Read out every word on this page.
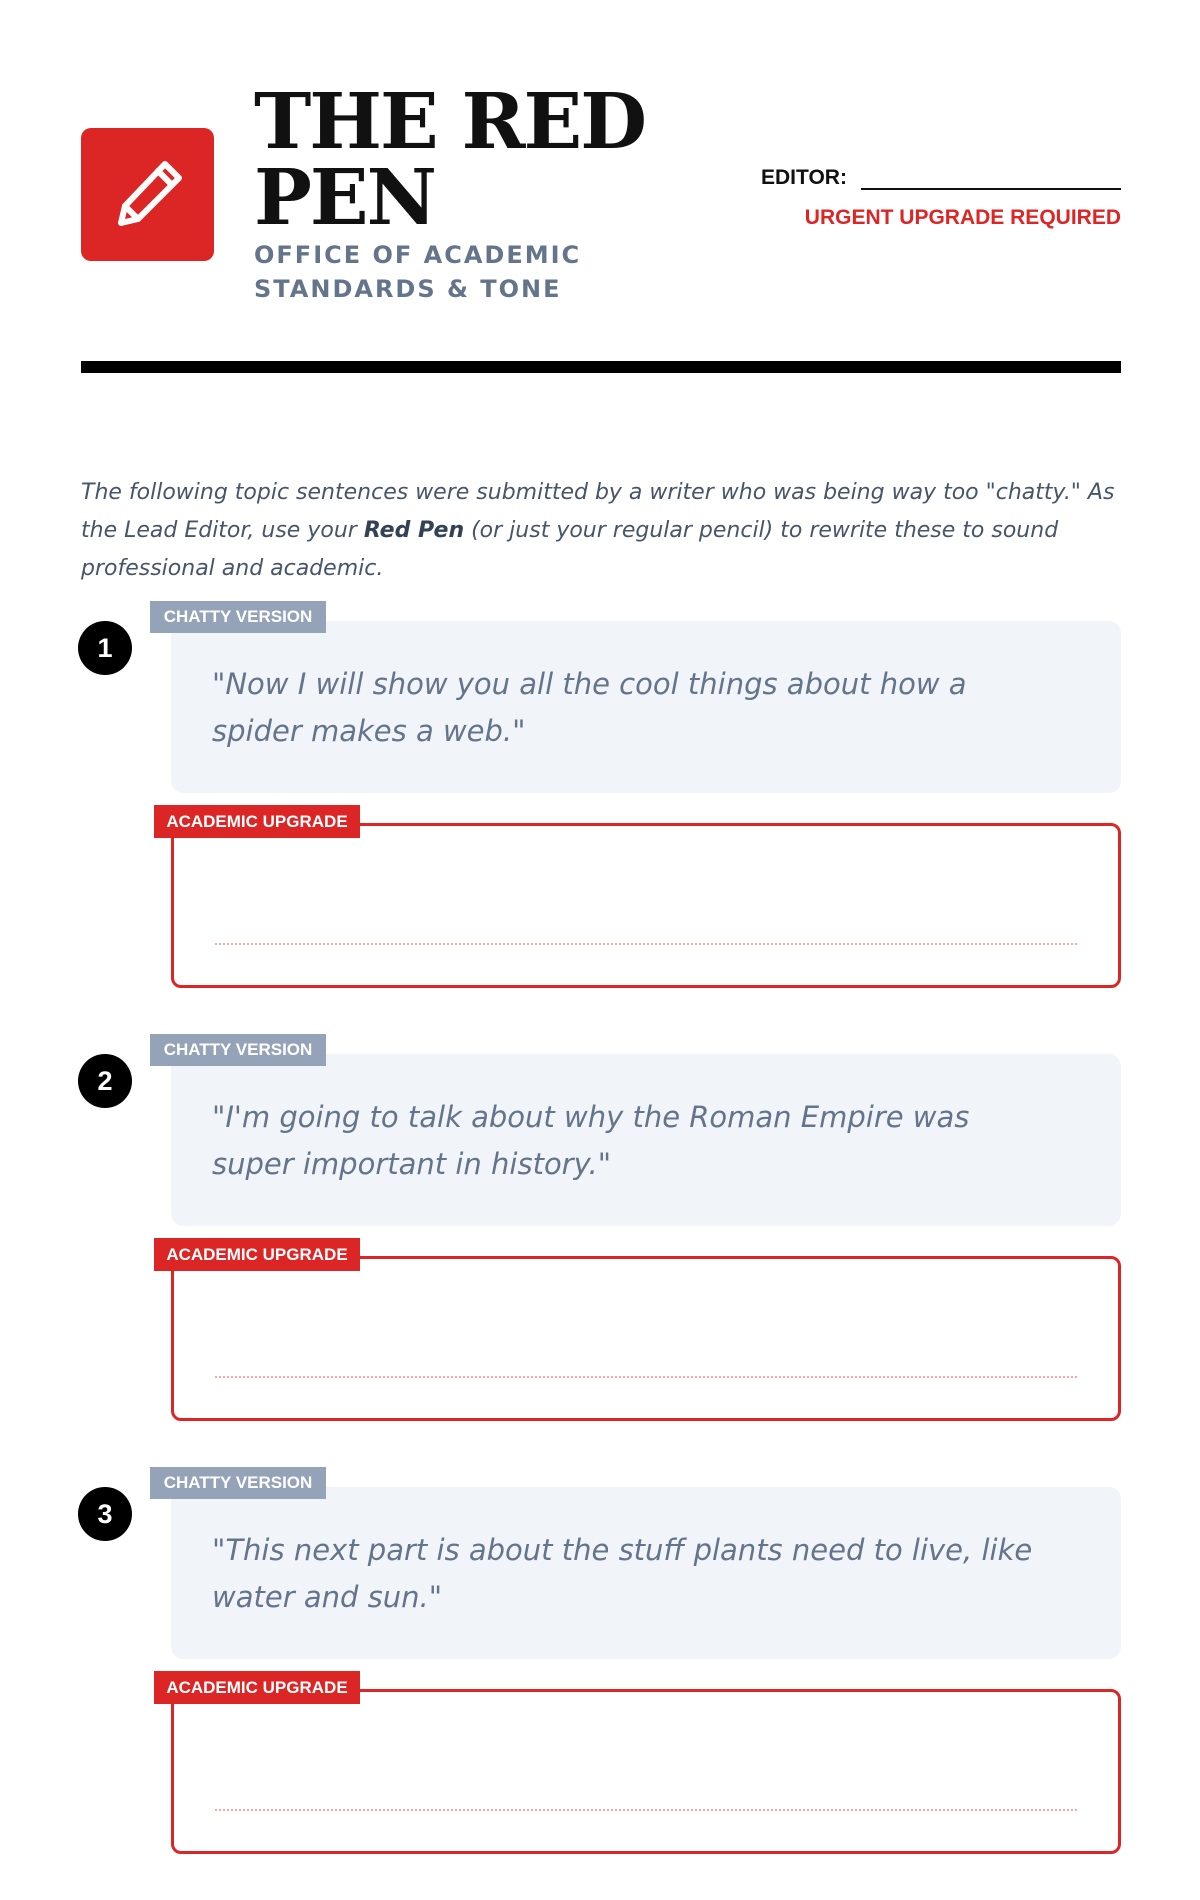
THE RED PEN
OFFICE OF ACADEMIC STANDARDS & TONE
EDITOR:
URGENT UPGRADE REQUIRED

The following topic sentences were submitted by a writer who was being way too "chatty." As the Lead Editor, use your Red Pen (or just your regular pencil) to rewrite these to sound professional and academic.

1
"Now I will show you all the cool things about how a spider makes a web."
CHATTY VERSION
ACADEMIC UPGRADE
2
"I'm going to talk about why the Roman Empire was super important in history."
CHATTY VERSION
ACADEMIC UPGRADE
3
"This next part is about the stuff plants need to live, like water and sun."
CHATTY VERSION
ACADEMIC UPGRADE
